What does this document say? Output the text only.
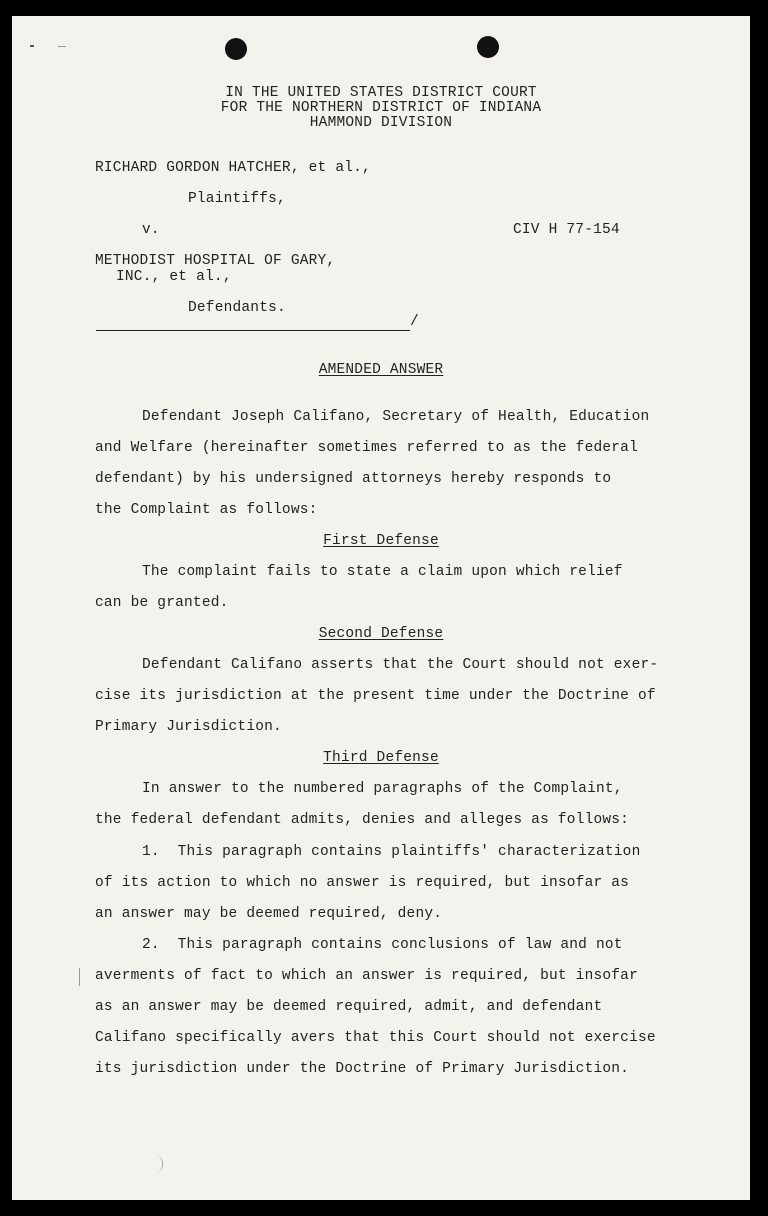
IN THE UNITED STATES DISTRICT COURT
FOR THE NORTHERN DISTRICT OF INDIANA
HAMMOND DIVISION
RICHARD GORDON HATCHER, et al.,
Plaintiffs,
v.	CIV H 77-154
METHODIST HOSPITAL OF GARY,
INC., et al.,
Defendants.
/
AMENDED ANSWER
Defendant Joseph Califano, Secretary of Health, Education
and Welfare (hereinafter sometimes referred to as the federal
defendant) by his undersigned attorneys hereby responds to
the Complaint as follows:
First Defense
The complaint fails to state a claim upon which relief
can be granted.
Second Defense
Defendant Califano asserts that the Court should not exer-
cise its jurisdiction at the present time under the Doctrine of
Primary Jurisdiction.
Third Defense
In answer to the numbered paragraphs of the Complaint,
the federal defendant admits, denies and alleges as follows:
1.  This paragraph contains plaintiffs' characterization
of its action to which no answer is required, but insofar as
an answer may be deemed required, deny.
2.  This paragraph contains conclusions of law and not
averments of fact to which an answer is required, but insofar
as an answer may be deemed required, admit, and defendant
Califano specifically avers that this Court should not exercise
its jurisdiction under the Doctrine of Primary Jurisdiction.
